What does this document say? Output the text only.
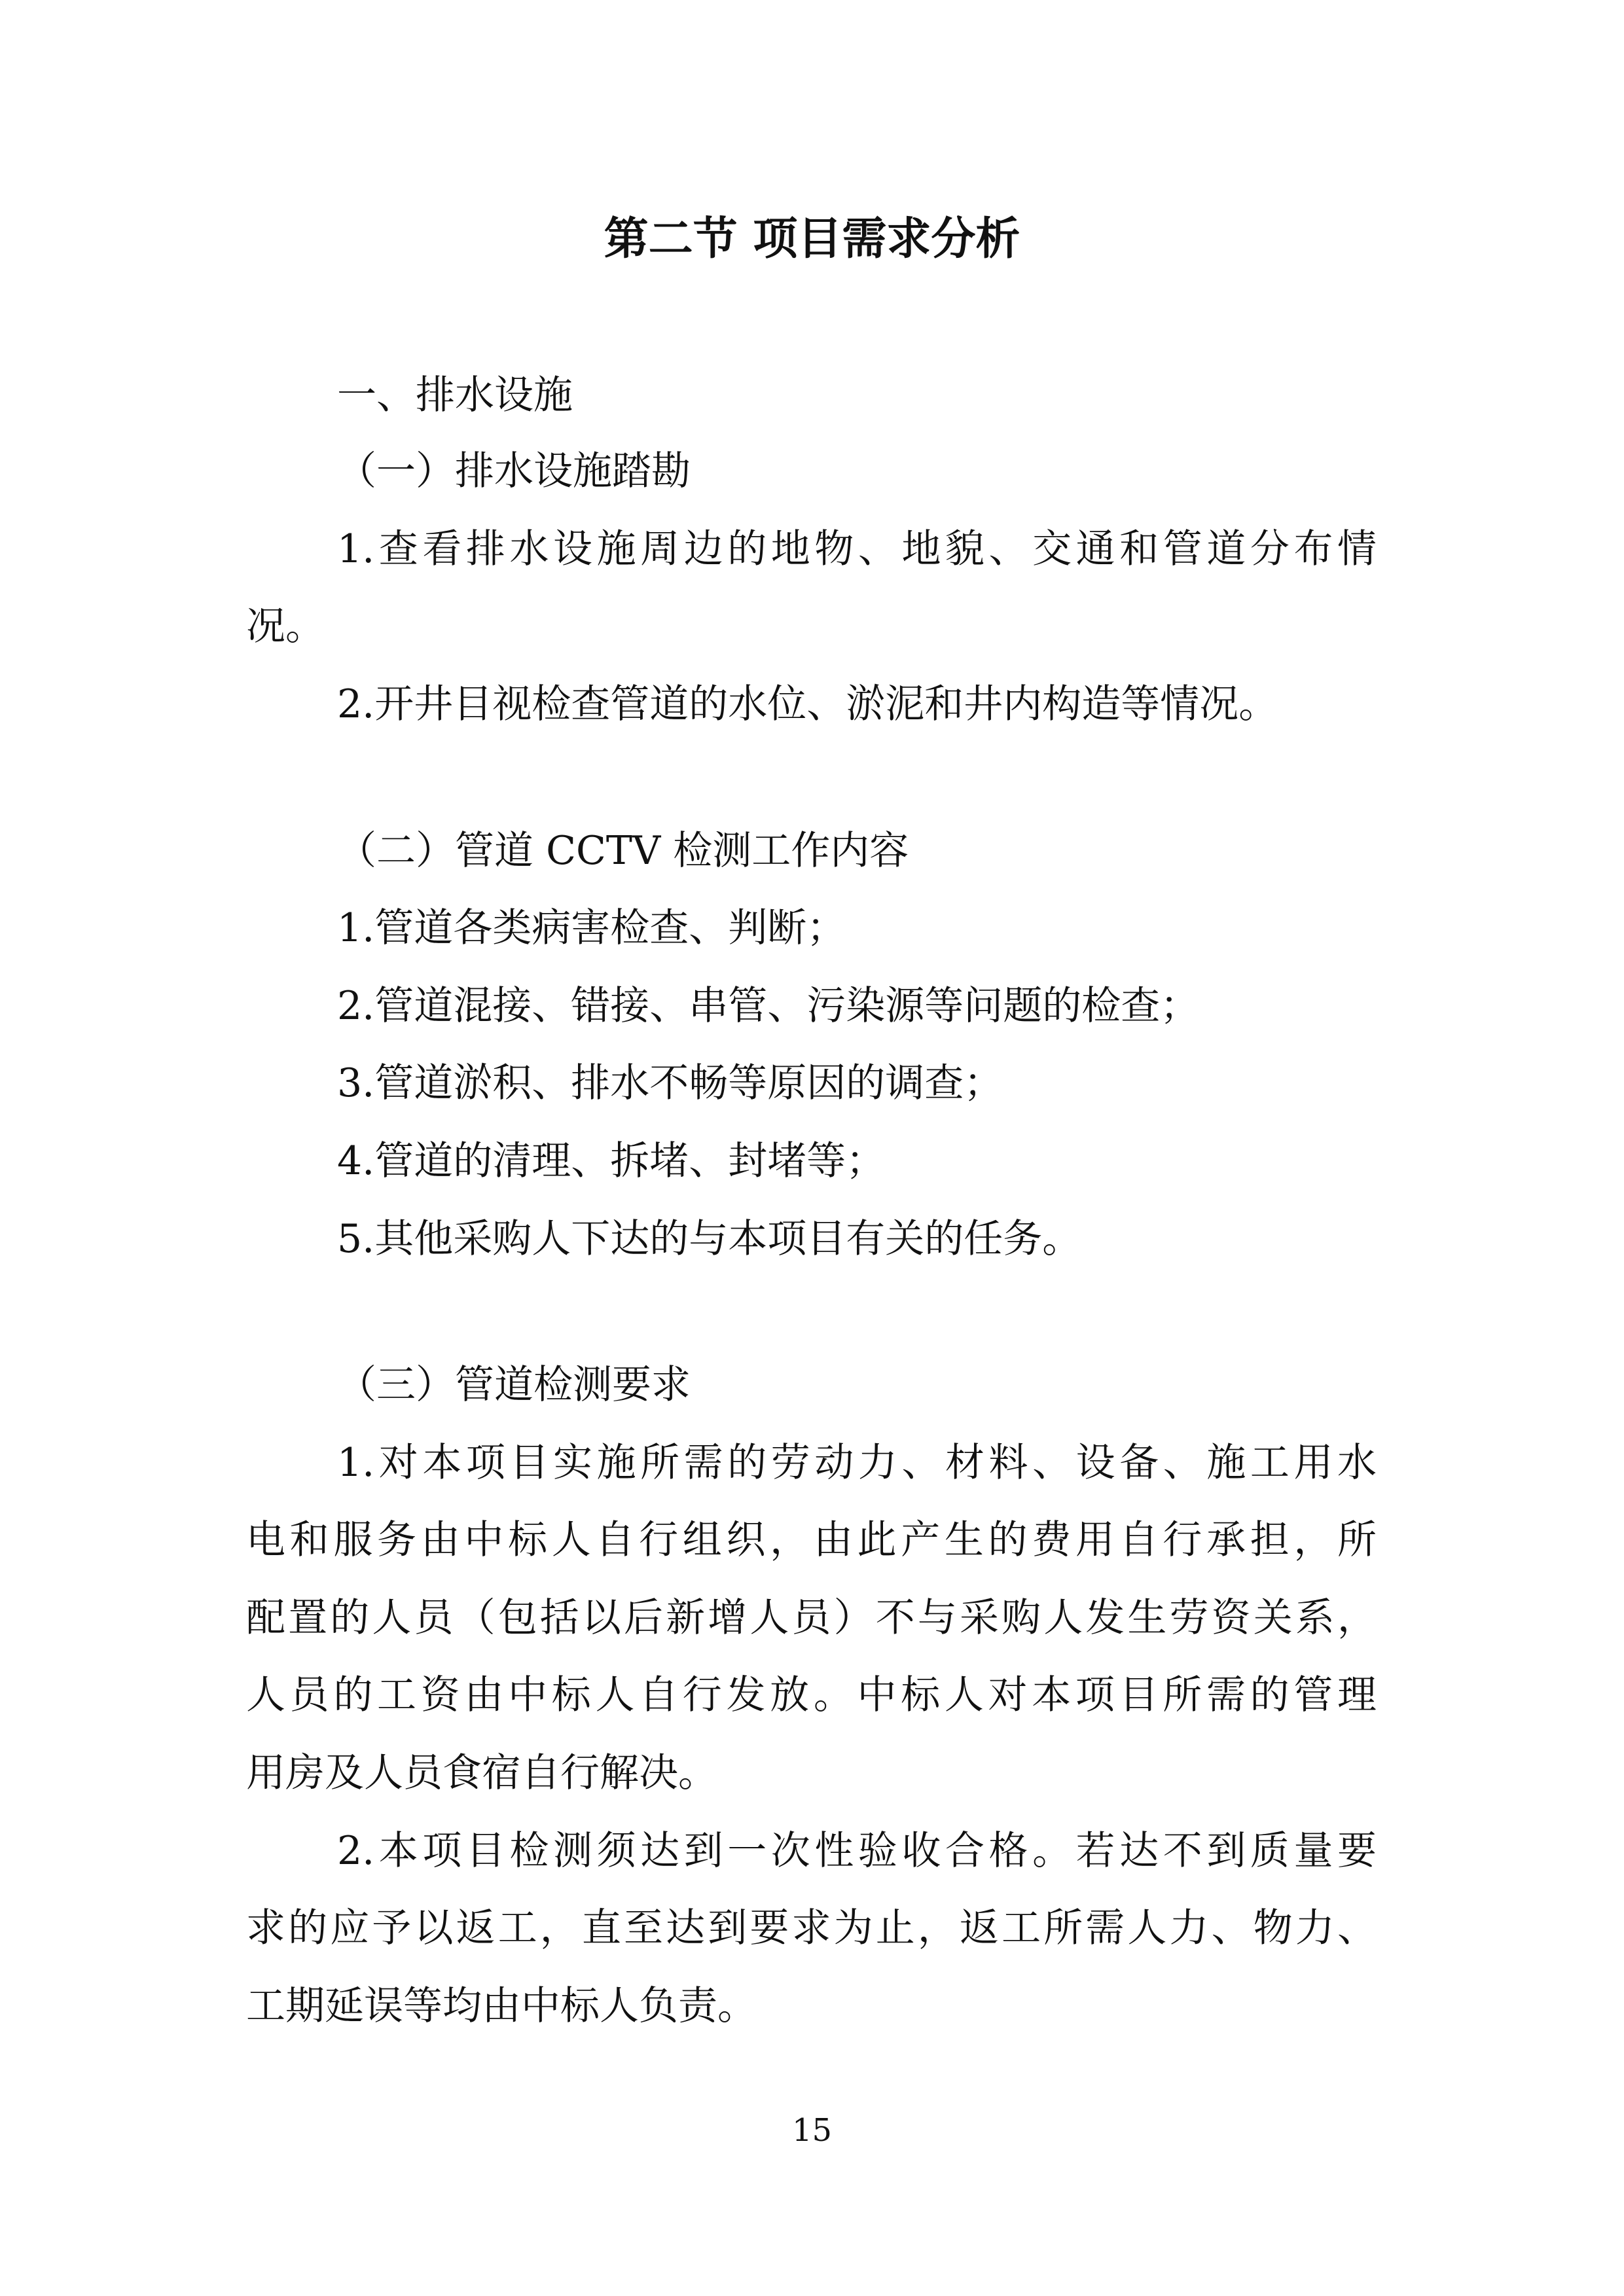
第二节 项目需求分析
一、排水设施
（一）排水设施踏勘
1.查看排水设施周边的地物、地貌、交通和管道分布情
况。
2.开井目视检查管道的水位、淤泥和井内构造等情况。
（二）管道 CCTV 检测工作内容
1.管道各类病害检查、判断；
2.管道混接、错接、串管、污染源等问题的检查；
3.管道淤积、排水不畅等原因的调查；
4.管道的清理、拆堵、封堵等；
5.其他采购人下达的与本项目有关的任务。
（三）管道检测要求
1.对本项目实施所需的劳动力、材料、设备、施工用水
电和服务由中标人自行组织，由此产生的费用自行承担，所
配置的人员（包括以后新增人员）不与采购人发生劳资关系，
人员的工资由中标人自行发放。中标人对本项目所需的管理
用房及人员食宿自行解决。
2.本项目检测须达到一次性验收合格。若达不到质量要
求的应予以返工，直至达到要求为止，返工所需人力、物力、
工期延误等均由中标人负责。
15
